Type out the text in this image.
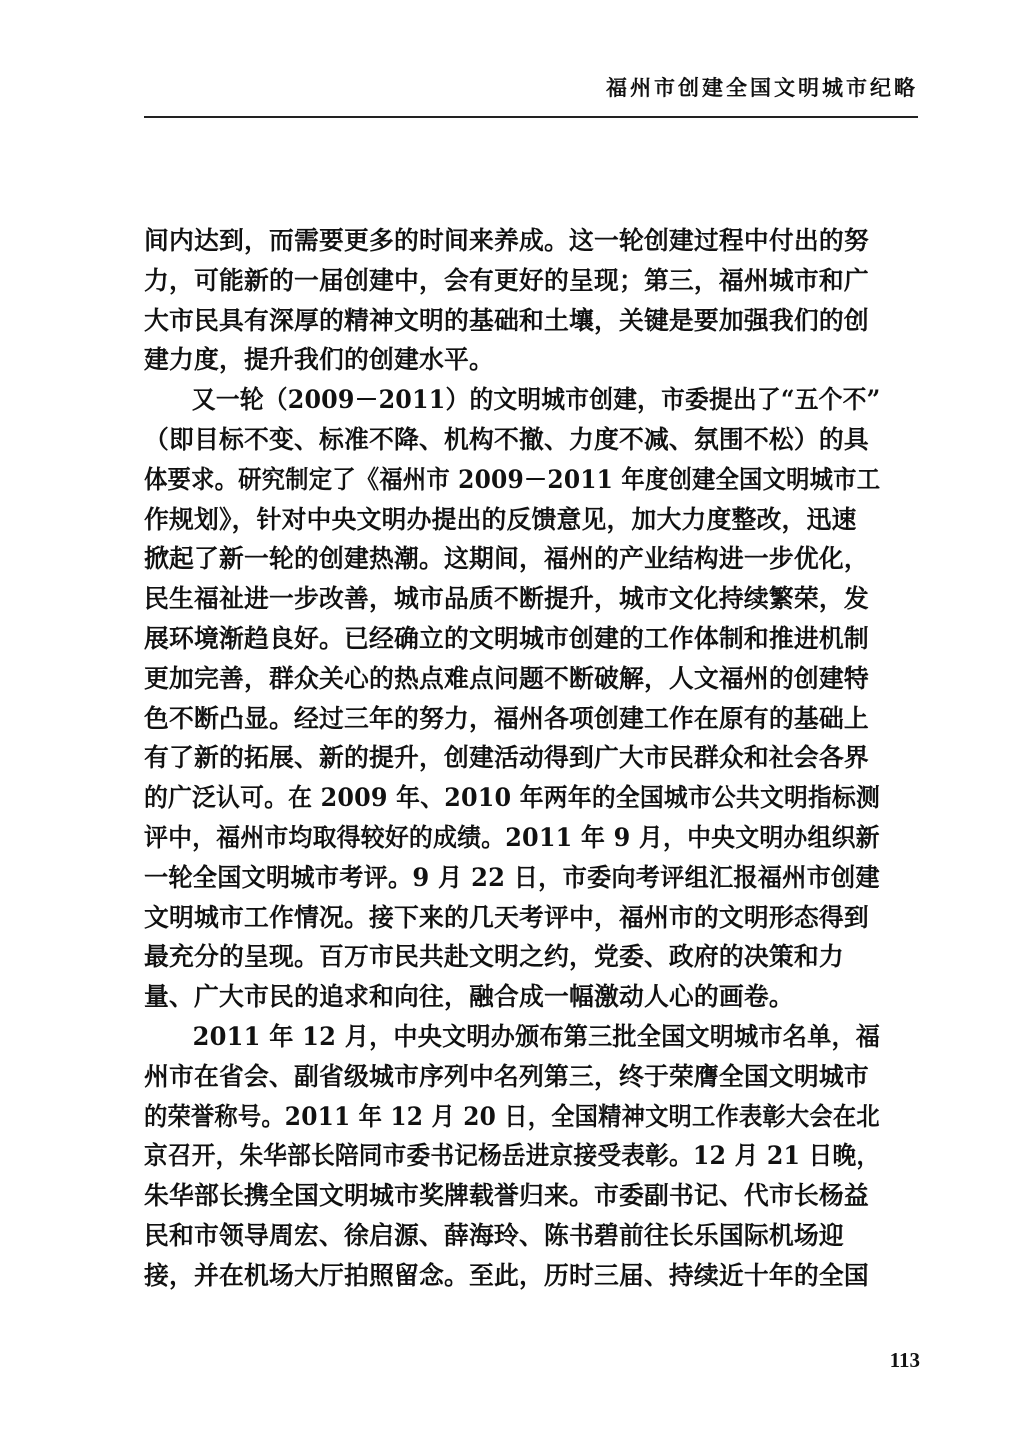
福州市创建全国文明城市纪略
间内达到，而需要更多的时间来养成。这一轮创建过程中付出的努
力，可能新的一届创建中，会有更好的呈现；第三，福州城市和广
大市民具有深厚的精神文明的基础和土壤，关键是要加强我们的创
建力度，提升我们的创建水平。
　　又一轮（2009－2011）的文明城市创建，市委提出了“五个不”
（即目标不变、标准不降、机构不撤、力度不减、氛围不松）的具
体要求。研究制定了《福州市 2009－2011 年度创建全国文明城市工
作规划》，针对中央文明办提出的反馈意见，加大力度整改，迅速
掀起了新一轮的创建热潮。这期间，福州的产业结构进一步优化，
民生福祉进一步改善，城市品质不断提升，城市文化持续繁荣，发
展环境渐趋良好。已经确立的文明城市创建的工作体制和推进机制
更加完善，群众关心的热点难点问题不断破解，人文福州的创建特
色不断凸显。经过三年的努力，福州各项创建工作在原有的基础上
有了新的拓展、新的提升，创建活动得到广大市民群众和社会各界
的广泛认可。在 2009 年、2010 年两年的全国城市公共文明指标测
评中，福州市均取得较好的成绩。2011 年 9 月，中央文明办组织新
一轮全国文明城市考评。9 月 22 日，市委向考评组汇报福州市创建
文明城市工作情况。接下来的几天考评中，福州市的文明形态得到
最充分的呈现。百万市民共赴文明之约，党委、政府的决策和力
量、广大市民的追求和向往，融合成一幅激动人心的画卷。
　　2011 年 12 月，中央文明办颁布第三批全国文明城市名单，福
州市在省会、副省级城市序列中名列第三，终于荣膺全国文明城市
的荣誉称号。2011 年 12 月 20 日，全国精神文明工作表彰大会在北
京召开，朱华部长陪同市委书记杨岳进京接受表彰。12 月 21 日晚，
朱华部长携全国文明城市奖牌载誉归来。市委副书记、代市长杨益
民和市领导周宏、徐启源、薛海玲、陈书碧前往长乐国际机场迎
接，并在机场大厅拍照留念。至此，历时三届、持续近十年的全国
113
